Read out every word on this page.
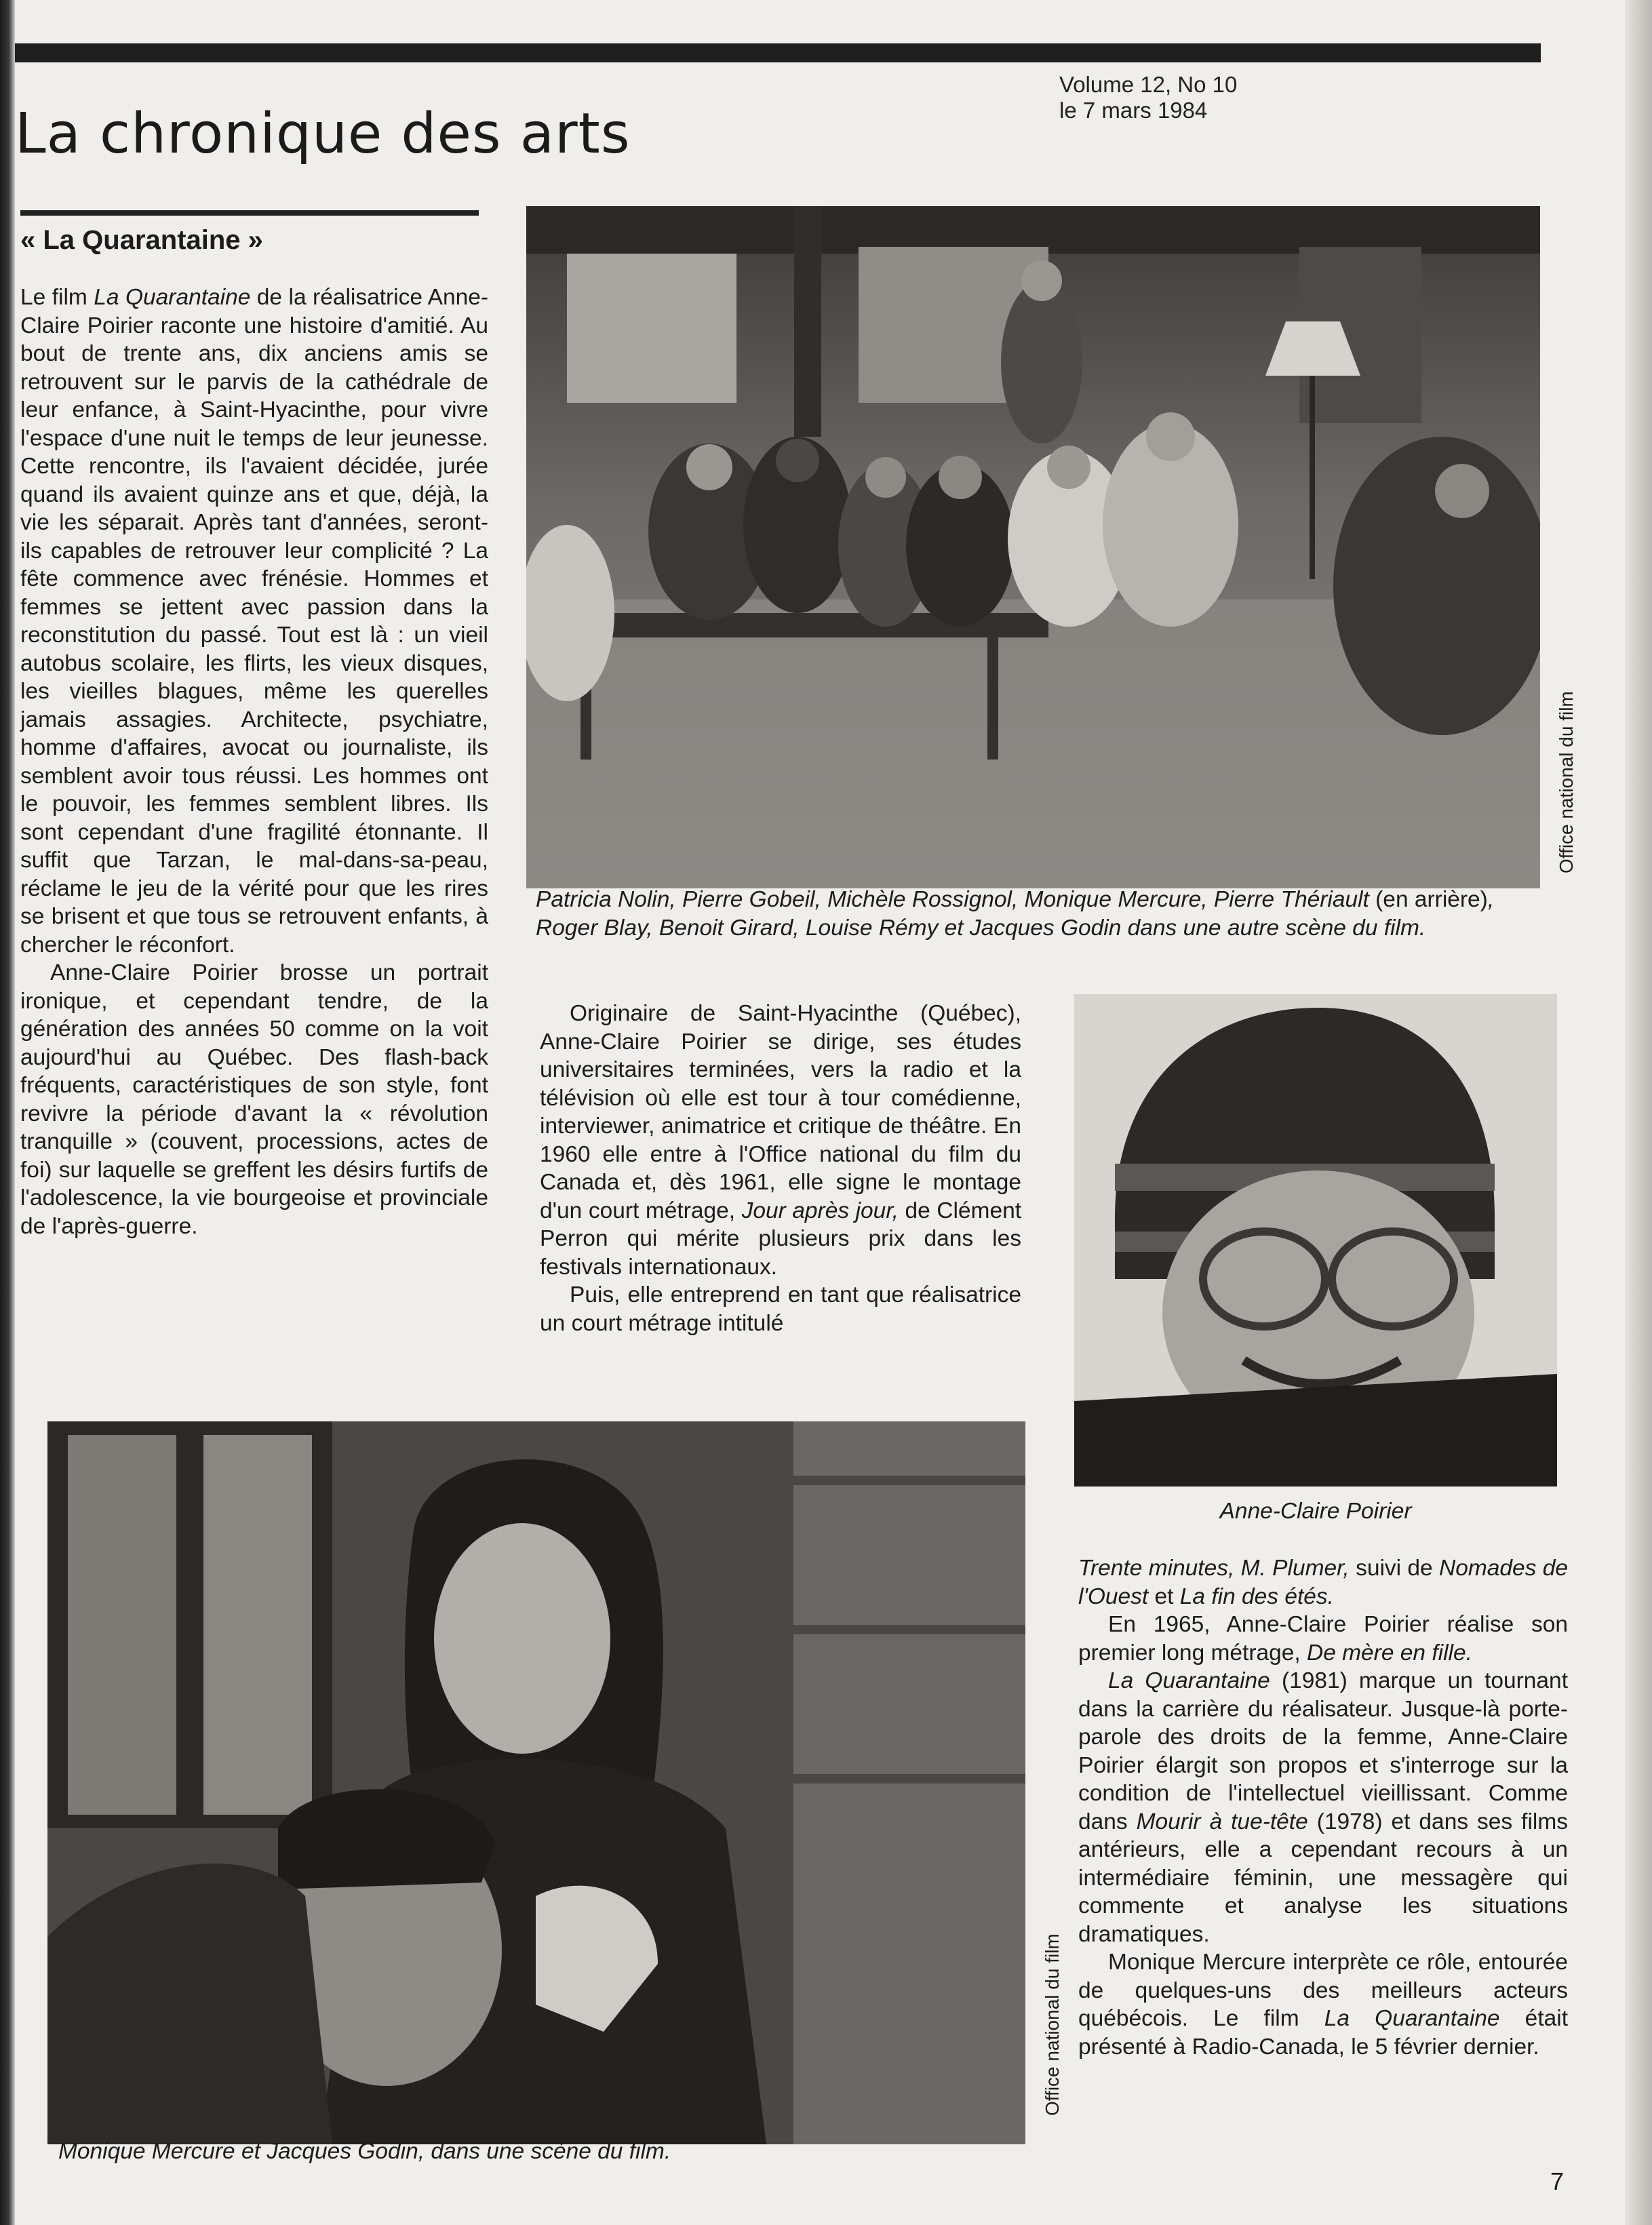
La chronique des arts
Volume 12, No 10
le 7 mars 1984
« La Quarantaine »

Le film La Quarantaine de la réalisatrice Anne-Claire Poirier raconte une histoire d'amitié. Au bout de trente ans, dix anciens amis se retrouvent sur le parvis de la cathédrale de leur enfance, à Saint-Hyacinthe, pour vivre l'espace d'une nuit le temps de leur jeunesse. Cette rencontre, ils l'avaient décidée, jurée quand ils avaient quinze ans et que, déjà, la vie les séparait. Après tant d'années, seront-ils capables de retrouver leur complicité ? La fête commence avec frénésie. Hommes et femmes se jettent avec passion dans la reconstitution du passé. Tout est là : un vieil autobus scolaire, les flirts, les vieux disques, les vieilles blagues, même les querelles jamais assagies. Architecte, psychiatre, homme d'affaires, avocat ou journaliste, ils semblent avoir tous réussi. Les hommes ont le pouvoir, les femmes semblent libres. Ils sont cependant d'une fragilité étonnante. Il suffit que Tarzan, le mal-dans-sa-peau, réclame le jeu de la vérité pour que les rires se brisent et que tous se retrouvent enfants, à chercher le réconfort.

Anne-Claire Poirier brosse un portrait ironique, et cependant tendre, de la génération des années 50 comme on la voit aujourd'hui au Québec. Des flash-back fréquents, caractéristiques de son style, font revivre la période d'avant la « révolution tranquille » (couvent, processions, actes de foi) sur laquelle se greffent les désirs furtifs de l'adolescence, la vie bourgeoise et provinciale de l'après-guerre.

Office national du film

Patricia Nolin, Pierre Gobeil, Michèle Rossignol, Monique Mercure, Pierre Thériault (en arrière), Roger Blay, Benoit Girard, Louise Rémy et Jacques Godin dans une autre scène du film.

Originaire de Saint-Hyacinthe (Québec), Anne-Claire Poirier se dirige, ses études universitaires terminées, vers la radio et la télévision où elle est tour à tour comédienne, interviewer, animatrice et critique de théâtre. En 1960 elle entre à l'Office national du film du Canada et, dès 1961, elle signe le montage d'un court métrage, Jour après jour, de Clément Perron qui mérite plusieurs prix dans les festivals internationaux.

Puis, elle entreprend en tant que réalisatrice un court métrage intitulé

Anne-Claire Poirier

Trente minutes, M. Plumer, suivi de Nomades de l'Ouest et La fin des étés.

En 1965, Anne-Claire Poirier réalise son premier long métrage, De mère en fille.

La Quarantaine (1981) marque un tournant dans la carrière du réalisateur. Jusque-là porte-parole des droits de la femme, Anne-Claire Poirier élargit son propos et s'interroge sur la condition de l'intellectuel vieillissant. Comme dans Mourir à tue-tête (1978) et dans ses films antérieurs, elle a cependant recours à un intermédiaire féminin, une messagère qui commente et analyse les situations dramatiques.

Monique Mercure interprète ce rôle, entourée de quelques-uns des meilleurs acteurs québécois. Le film La Quarantaine était présenté à Radio-Canada, le 5 février dernier.

Office national du film

Monique Mercure et Jacques Godin, dans une scène du film.

7
